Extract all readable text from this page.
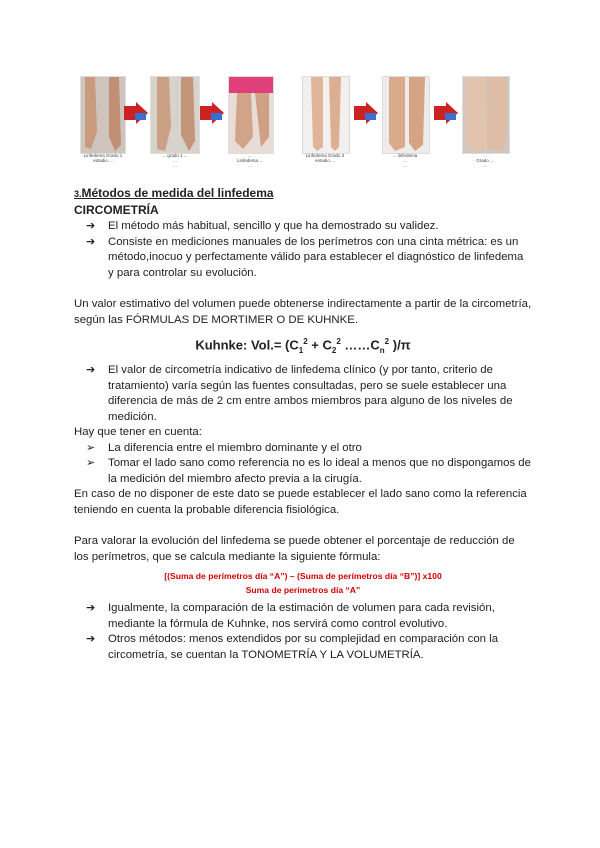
Linfedema Grado 1
estadio ...
... grado 1 ...
...
...
...
Linfedema ...
...
Linfedema Grado 3
estadio ...
... linfedema
...
...
...
Grado ...
...
3.Métodos de medida del linfedema
CIRCOMETRÍA
➔ El método más habitual, sencillo y que ha demostrado su validez.
➔ Consiste en mediciones manuales de los perímetros con una cinta métrica: es un método,inocuo y perfectamente válido para establecer el diagnóstico de linfedema y para controlar su evolución.

Un valor estimativo del volumen puede obtenerse indirectamente a partir de la circometría, según las FÓRMULAS DE MORTIMER O DE KUHNKE.

Kuhnke: $Vol.= (C_1^2 + C_2^2$ $\dots\dots C_n^2$ )/π
➔ El valor de circometría indicativo de linfedema clínico (y por tanto, criterio de tratamiento) varía según las fuentes consultadas, pero se suele establecer una diferencia de más de 2 cm entre ambos miembros para alguno de los niveles de medición.

Hay que tener en cuenta:

➢ La diferencia entre el miembro dominante y el otro
➢ Tomar el lado sano como referencia no es lo ideal a menos que no dispongamos de la medición del miembro afecto previa a la cirugía.

En caso de no disponer de este dato se puede establecer el lado sano como la referencia teniendo en cuenta la probable diferencia fisiológica.

Para valorar la evolución del linfedema se puede obtener el porcentaje de reducción de los perímetros, que se calcula mediante la siguiente fórmula:

[(Suma de perímetros día “A”) – (Suma de perímetros día “B”)] x100
Suma de perímetros día “A”
➔ Igualmente, la comparación de la estimación de volumen para cada revisión, mediante la fórmula de Kuhnke, nos servirá como control evolutivo.
➔ Otros métodos: menos extendidos por su complejidad en comparación con la circometría, se cuentan la TONOMETRÍA Y LA VOLUMETRÍA.
